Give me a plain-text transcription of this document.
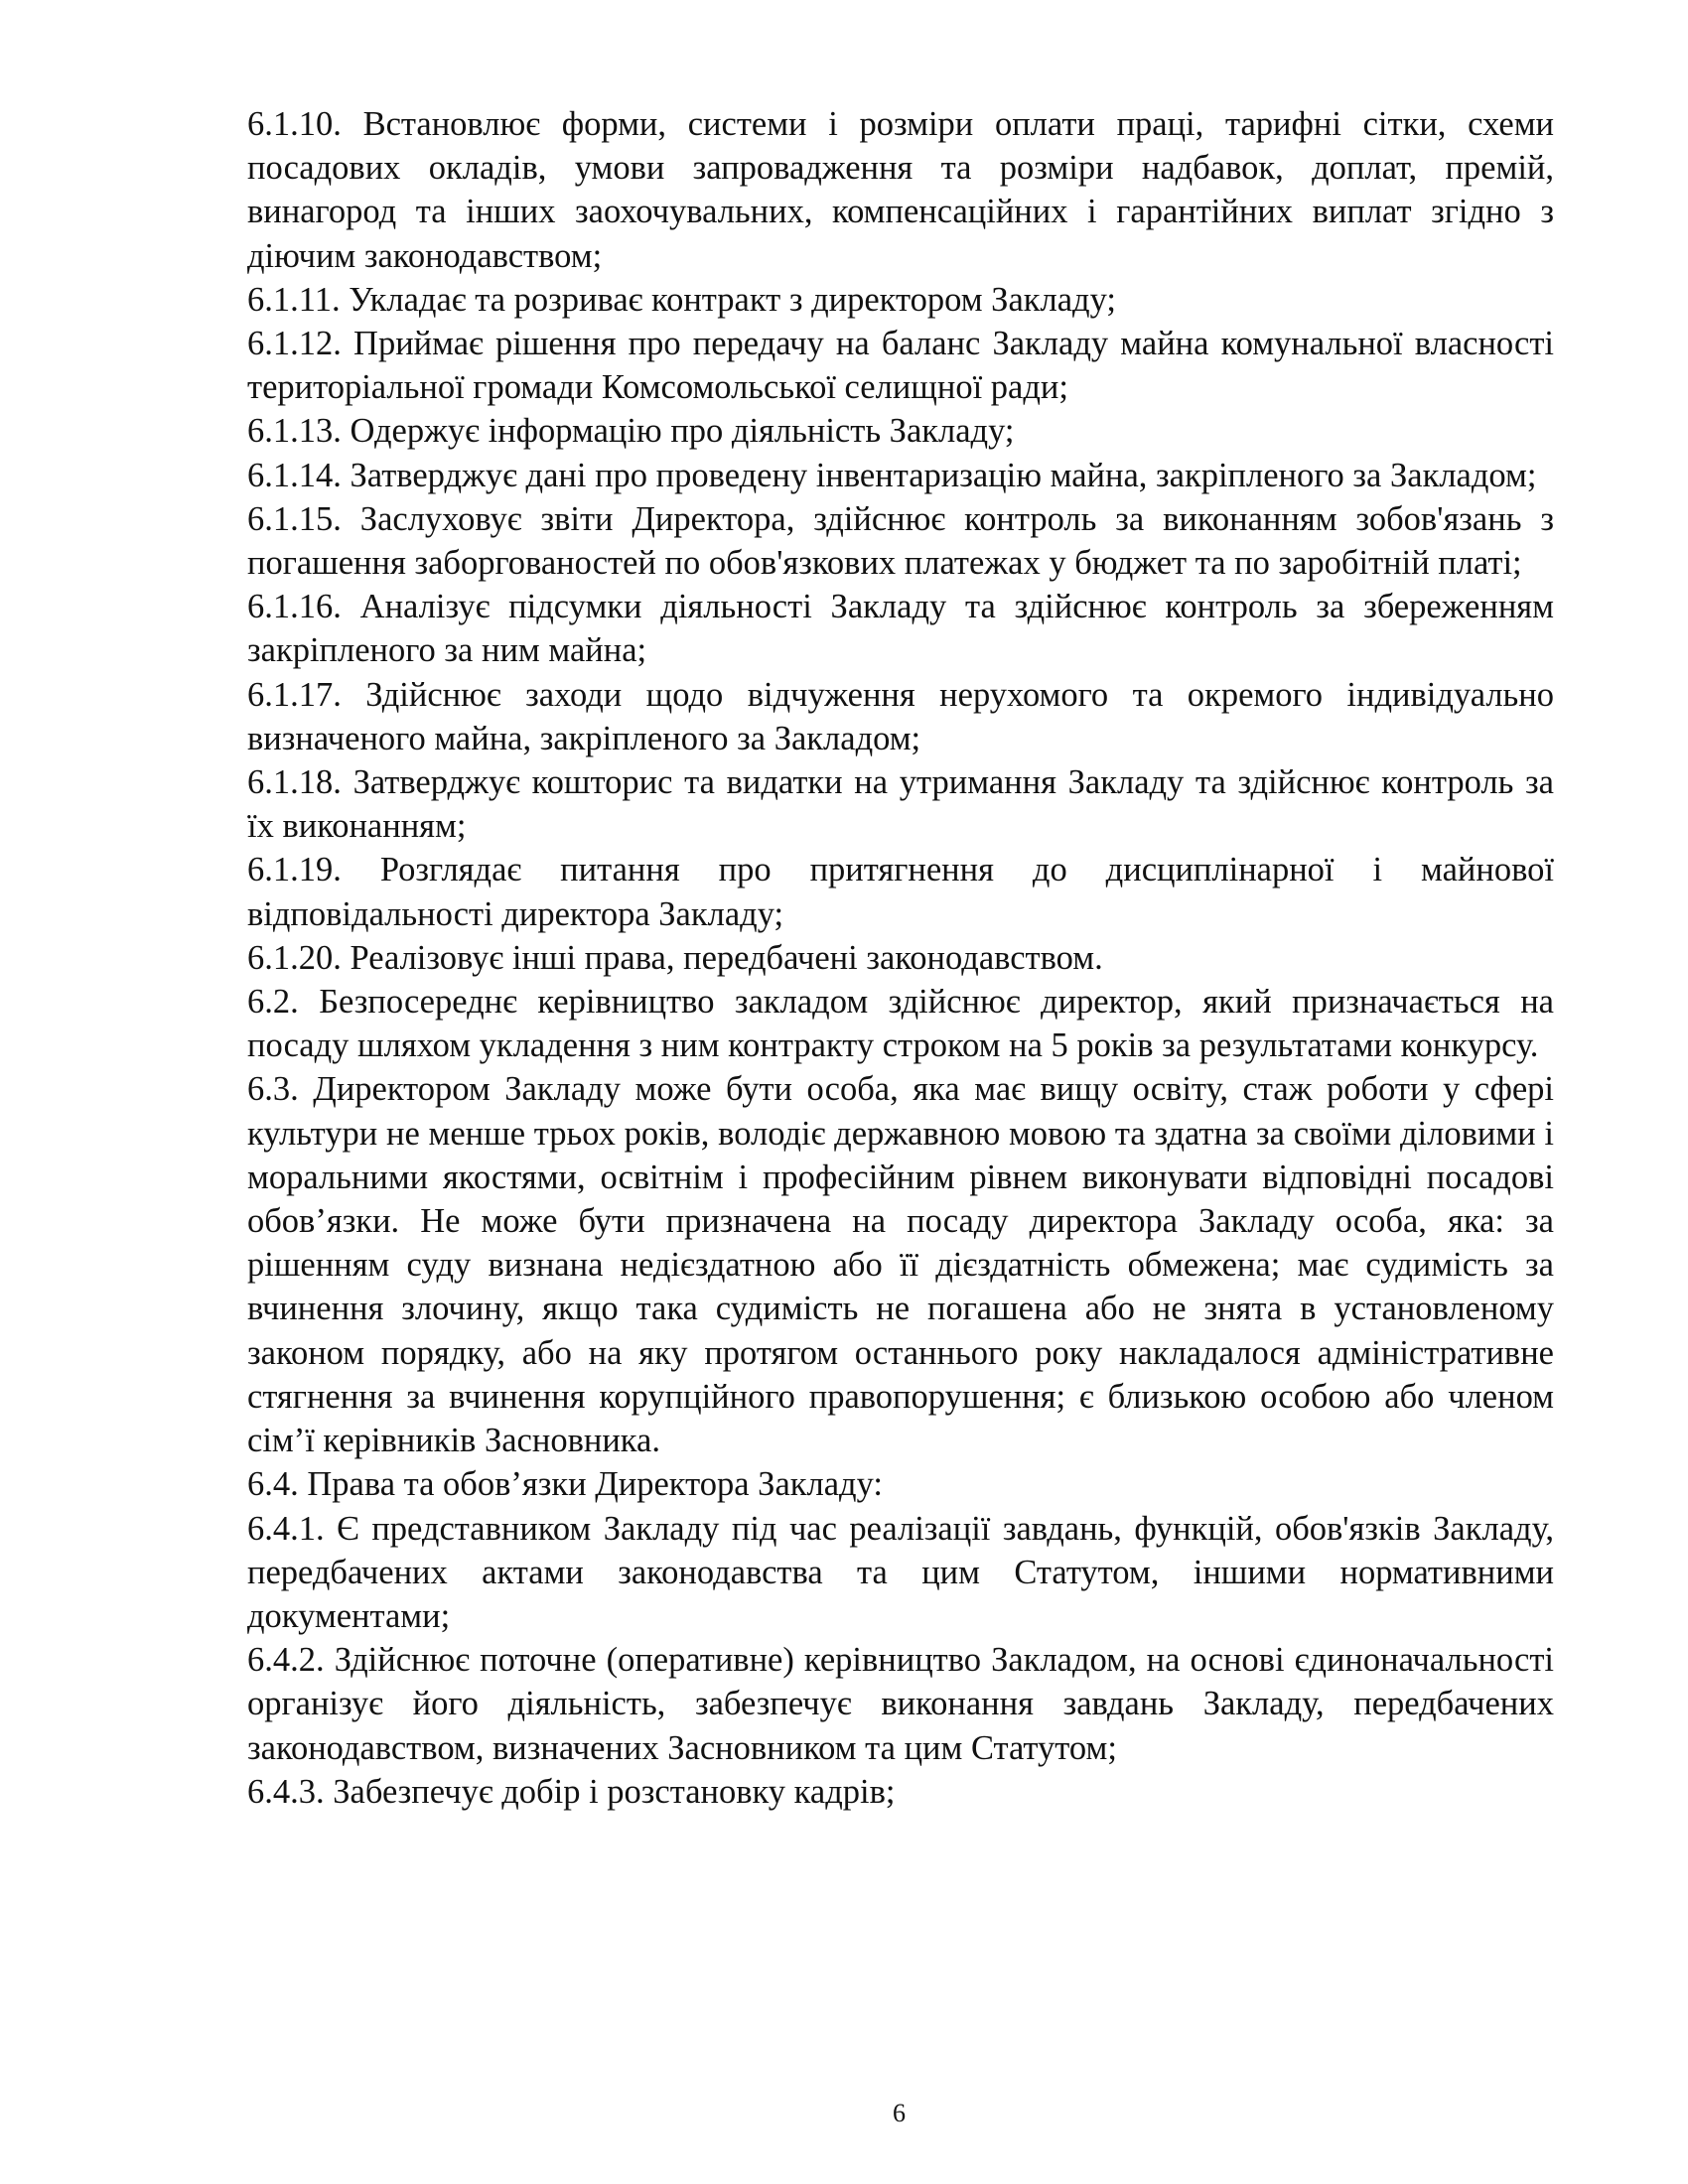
6.1.10. Встановлює форми, системи і розміри оплати праці, тарифні сітки, схеми посадових окладів, умови запровадження та розміри надбавок, доплат, премій, винагород та інших заохочувальних, компенсаційних і гарантійних виплат згідно з діючим законодавством;

6.1.11. Укладає та розриває контракт з директором Закладу;

6.1.12. Приймає рішення про передачу на баланс Закладу майна комунальної власності територіальної громади Комсомольської селищної ради;

6.1.13. Одержує інформацію про діяльність Закладу;

6.1.14. Затверджує дані про проведену інвентаризацію майна, закріпленого за Закладом;

6.1.15. Заслуховує звіти Директора, здійснює контроль за виконанням зобов'язань з погашення заборгованостей по обов'язкових платежах у бюджет та по заробітній платі;

6.1.16. Аналізує підсумки діяльності Закладу та здійснює контроль за збереженням закріпленого за ним майна;

6.1.17. Здійснює заходи щодо відчуження нерухомого та окремого індивідуально визначеного майна, закріпленого за Закладом;

6.1.18. Затверджує кошторис та видатки на утримання Закладу та здійснює контроль за їх виконанням;

6.1.19. Розглядає питання про притягнення до дисциплінарної і майнової відповідальності директора Закладу;

6.1.20. Реалізовує інші права, передбачені законодавством.

6.2. Безпосереднє керівництво закладом здійснює директор, який призначається на посаду шляхом укладення з ним контракту строком на 5 років за результатами конкурсу.

6.3. Директором Закладу може бути особа, яка має вищу освіту, стаж роботи у сфері культури не менше трьох років, володіє державною мовою та здатна за своїми діловими і моральними якостями, освітнім і професійним рівнем виконувати відповідні посадові обов’язки. Не може бути призначена на посаду директора Закладу особа, яка: за рішенням суду визнана недієздатною або її дієздатність обмежена; має судимість за вчинення злочину, якщо така судимість не погашена або не знята в установленому законом порядку, або на яку протягом останнього року накладалося адміністративне стягнення за вчинення корупційного правопорушення; є близькою особою або членом сім’ї керівників Засновника.

6.4. Права та обов’язки Директора Закладу:

6.4.1. Є представником Закладу під час реалізації завдань, функцій, обов'язків Закладу, передбачених актами законодавства та цим Статутом, іншими нормативними документами;

6.4.2. Здійснює поточне (оперативне) керівництво Закладом, на основі єдиноначальності організує його діяльність, забезпечує виконання завдань Закладу, передбачених законодавством, визначених Засновником та цим Статутом;

6.4.3. Забезпечує добір і розстановку кадрів;

6
